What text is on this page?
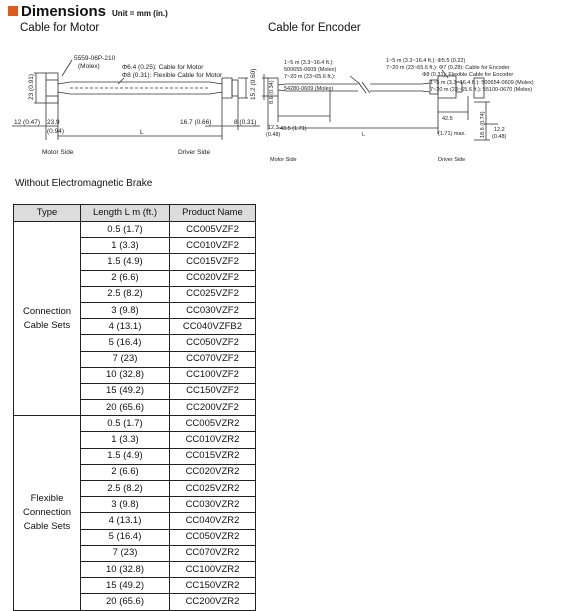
Dimensions Unit = mm (in.)
Cable for Motor	Cable for Encoder
5559-06P-210
(Molex)	Φ6.4 (0.25): Cable for Motor
Φ8 (0.31): Flexible Cable for Motor
23 (0.91)	15.2 (0.60)
12 (0.47) 23.9
(0.94)	L
16.7 (0.66)	8 (0.31)
Motor Side	Driver Side
1~5 m (3.3~16.4 ft.):
500655-0609 (Molex)
7~20 m (23~65.6 ft.):
54280-0609 (Molex)
1~5 m (3.3~16.4 ft.): Φ5.5 (0.22)
7~20 m (23~65.6 ft.): Φ7 (0.28): Cable for Encoder
Φ8 (0.31): Flexible Cable for Encoder
1~5 m (3.3~16.4 ft.): 500654-0609 (Molex)
7~20 m (23~65.6 ft.): 55100-0670 (Molex)
8.6 (0.34)
12.3
(0.48)
43.5 (1.71)
L
42.5
(1.71) max.	18.6 (0.74) 12.2
(0.48)
Motor Side	Driver Side
Without Electromagnetic Brake
Type	Length L m (ft.)	Product Name
Connection
Cable Sets	0.5 (1.7)	CC005VZF2
	1 (3.3)	CC010VZF2
	1.5 (4.9)	CC015VZF2
	2 (6.6)	CC020VZF2
	2.5 (8.2)	CC025VZF2
	3 (9.8)	CC030VZF2
	4 (13.1)	CC040VZFB2
	5 (16.4)	CC050VZF2
	7 (23)	CC070VZF2
	10 (32.8)	CC100VZF2
	15 (49.2)	CC150VZF2
	20 (65.6)	CC200VZF2
Flexible
Connection
Cable Sets	0.5 (1.7)	CC005VZR2
	1 (3.3)	CC010VZR2
	1.5 (4.9)	CC015VZR2
	2 (6.6)	CC020VZR2
	2.5 (8.2)	CC025VZR2
	3 (9.8)	CC030VZR2
	4 (13.1)	CC040VZR2
	5 (16.4)	CC050VZR2
	7 (23)	CC070VZR2
	10 (32.8)	CC100VZR2
	15 (49.2)	CC150VZR2
	20 (65.6)	CC200VZR2
